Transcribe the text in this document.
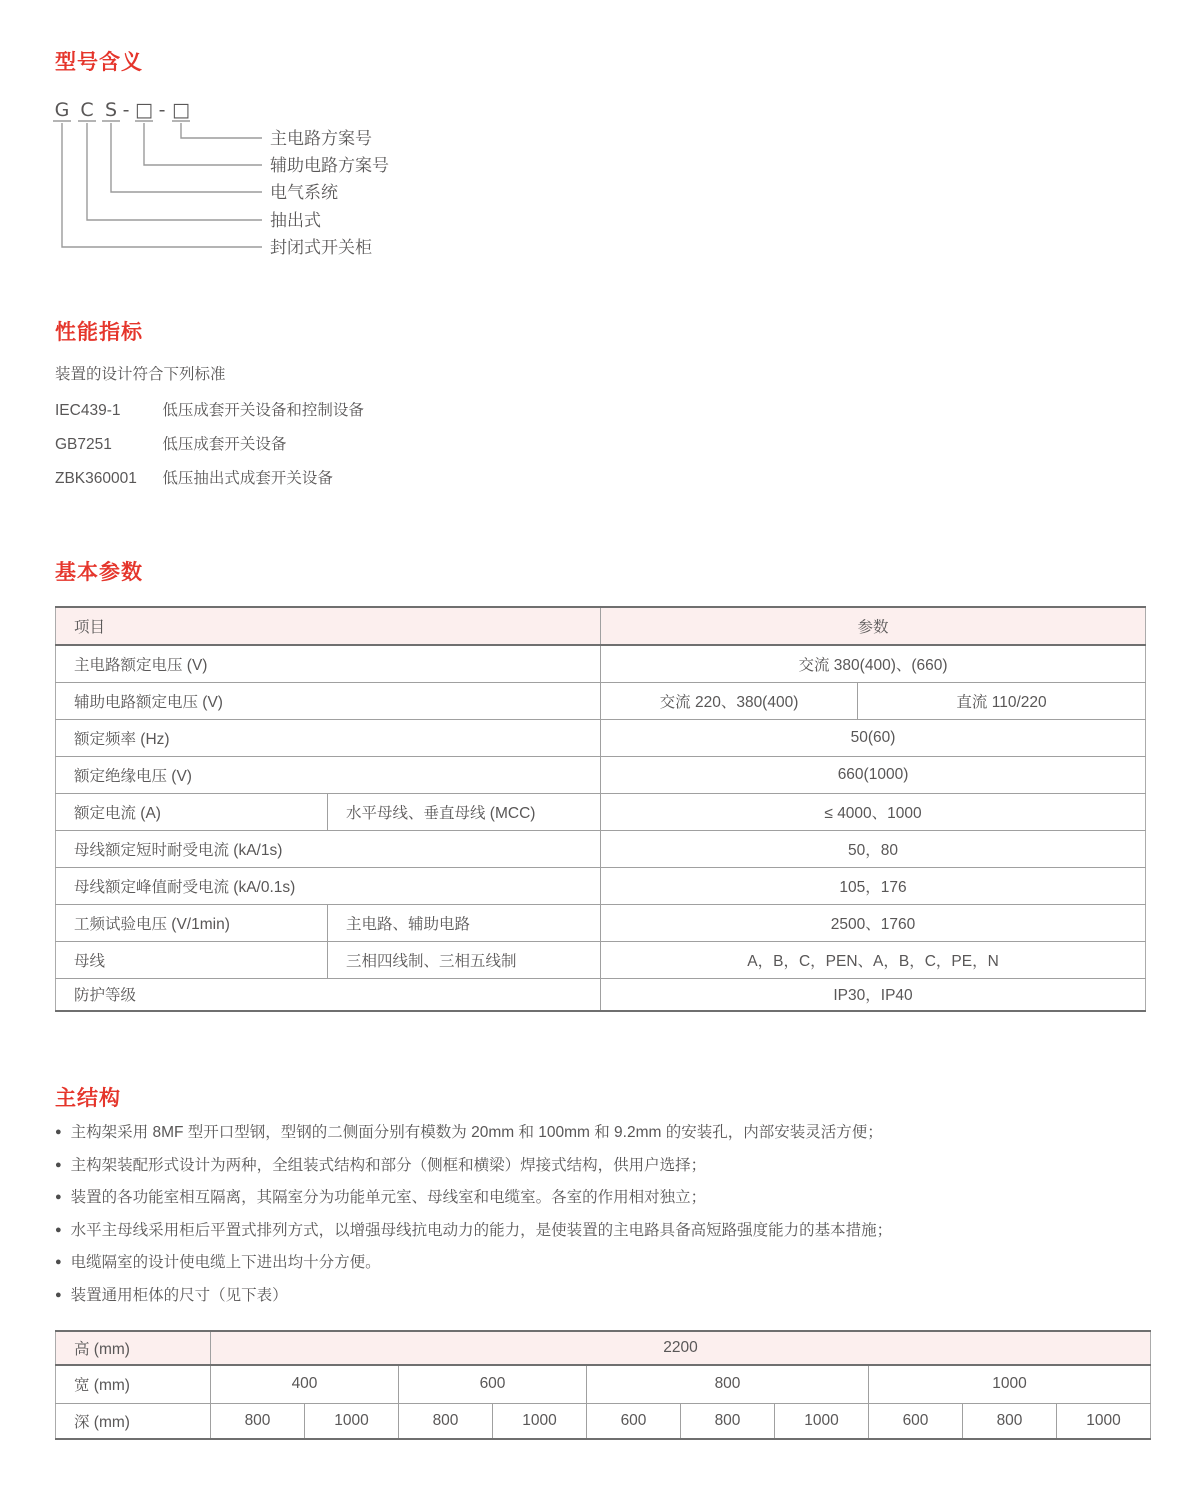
型号含义
G C S - □ - □
主电路方案号
辅助电路方案号
电气系统
抽出式
封闭式开关柜
性能指标

装置的设计符合下列标准

IEC439-1	低压成套开关设备和控制设备
GB7251	低压成套开关设备
ZBK360001 低压抽出式成套开关设备
基本参数
项目		参数	
主电路额定电压 (V)		交流 380(400)、(660)	
辅助电路额定电压 (V)		交流 220、380(400)	直流 110/220
额定频率 (Hz)		50(60)	
额定绝缘电压 (V)		660(1000)	
额定电流 (A)	水平母线、垂直母线 (MCC)	≤ 4000、1000	
母线额定短时耐受电流 (kA/1s)		50，80	
母线额定峰值耐受电流 (kA/0.1s)		105，176	
工频试验电压 (V/1min)	主电路、辅助电路	2500、1760	
母线	三相四线制、三相五线制	A，B，C，PEN、A，B，C，PE，N	
防护等级		IP30，IP40	
主结构
● 主构架采用 8MF 型开口型钢，型钢的二侧面分别有模数为 20mm 和 100mm 和 9.2mm 的安装孔，内部安装灵活方便；
● 主构架装配形式设计为两种，全组装式结构和部分（侧框和横梁）焊接式结构，供用户选择；
● 装置的各功能室相互隔离，其隔室分为功能单元室、母线室和电缆室。各室的作用相对独立；
● 水平主母线采用柜后平置式排列方式，以增强母线抗电动力的能力，是使装置的主电路具备高短路强度能力的基本措施；
● 电缆隔室的设计使电缆上下进出均十分方便。
● 装置通用柜体的尺寸（见下表）
高 (mm)	2200									
宽 (mm)	400		600		800			1000		
深 (mm)	800	1000	800	1000	600	800	1000	600	800	1000
